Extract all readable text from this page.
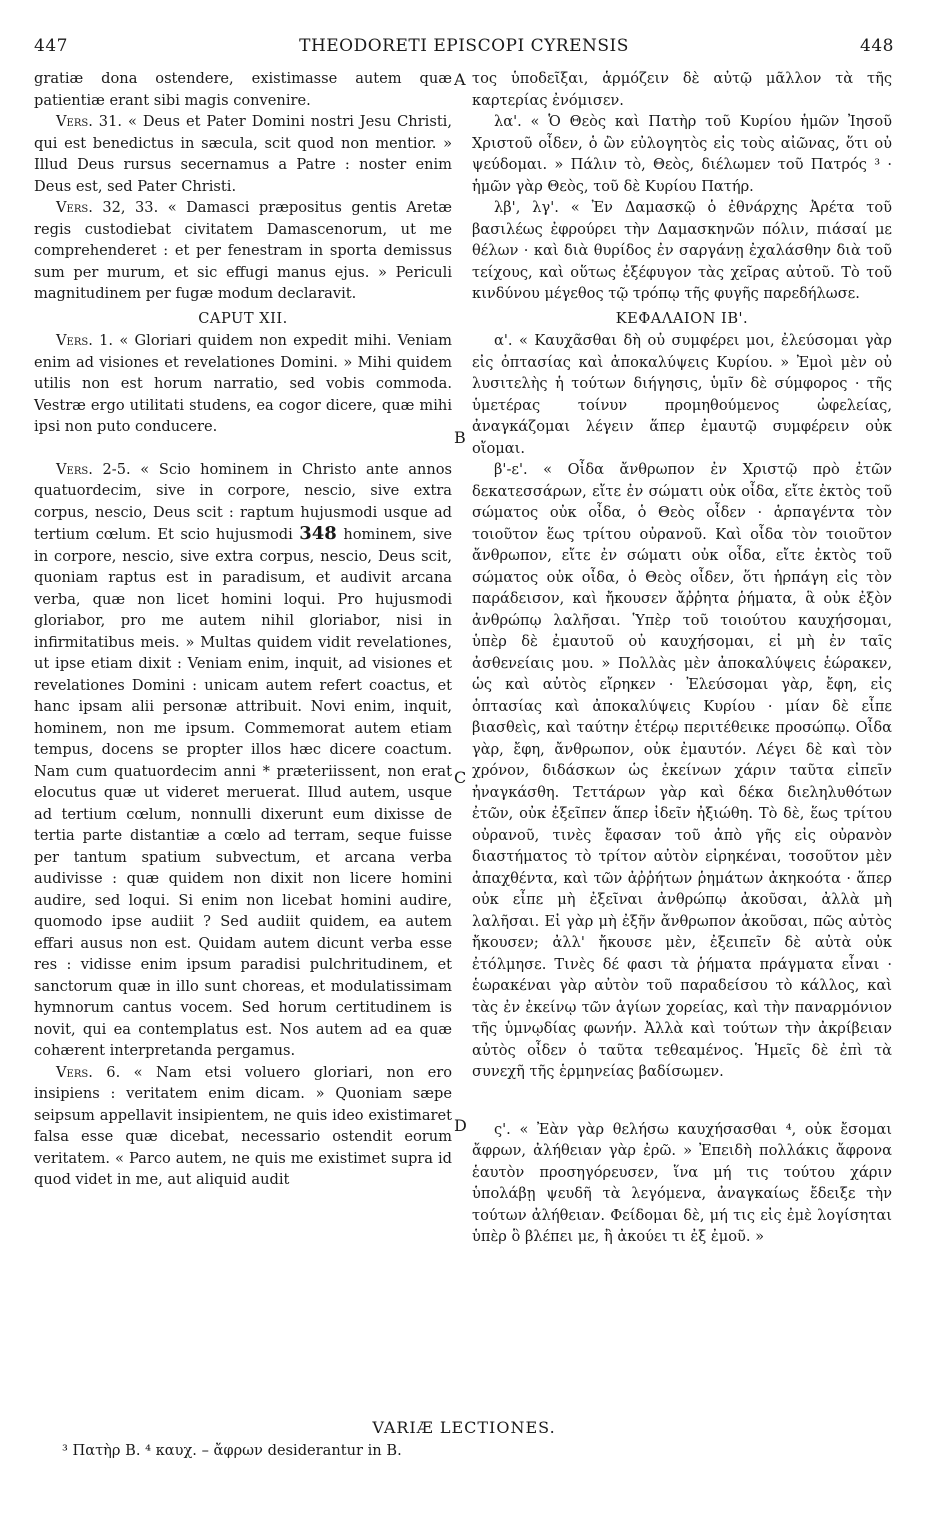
447	THEODORETI EPISCOPI CYRENSIS	448
A
B
C
D

gratiæ dona ostendere, existimasse autem quæ patientiæ erant sibi magis convenire.

Vers. 31. « Deus et Pater Domini nostri Jesu Christi, qui est benedictus in sæcula, scit quod non mentior. » Illud Deus rursus secernamus a Patre : noster enim Deus est, sed Pater Christi.

Vers. 32, 33. « Damasci præpositus gentis Aretæ regis custodiebat civitatem Damascenorum, ut me comprehenderet : et per fenestram in sporta demissus sum per murum, et sic effugi manus ejus. » Periculi magnitudinem per fugæ modum declaravit.

CAPUT XII.

Vers. 1. « Gloriari quidem non expedit mihi. Veniam enim ad visiones et revelationes Domini. » Mihi quidem utilis non est horum narratio, sed vobis commoda. Vestræ ergo utilitati studens, ea cogor dicere, quæ mihi ipsi non puto conducere.

Vers. 2-5. « Scio hominem in Christo ante annos quatuordecim, sive in corpore, nescio, sive extra corpus, nescio, Deus scit : raptum hujusmodi usque ad tertium cœlum. Et scio hujusmodi 348 hominem, sive in corpore, nescio, sive extra corpus, nescio, Deus scit, quoniam raptus est in paradisum, et audivit arcana verba, quæ non licet homini loqui. Pro hujusmodi gloriabor, pro me autem nihil gloriabor, nisi in infirmitatibus meis. » Multas quidem vidit revelationes, ut ipse etiam dixit : Veniam enim, inquit, ad visiones et revelationes Domini : unicam autem refert coactus, et hanc ipsam alii personæ attribuit. Novi enim, inquit, hominem, non me ipsum. Commemorat autem etiam tempus, docens se propter illos hæc dicere coactum. Nam cum quatuordecim anni * præteriissent, non erat elocutus quæ ut videret meruerat. Illud autem, usque ad tertium cœlum, nonnulli dixerunt eum dixisse de tertia parte distantiæ a cœlo ad terram, seque fuisse per tantum spatium subvectum, et arcana verba audivisse : quæ quidem non dixit non licere homini audire, sed loqui. Si enim non licebat homini audire, quomodo ipse audiit ? Sed audiit quidem, ea autem effari ausus non est. Quidam autem dicunt verba esse res : vidisse enim ipsum paradisi pulchritudinem, et sanctorum quæ in illo sunt choreas, et modulatissimam hymnorum cantus vocem. Sed horum certitudinem is novit, qui ea contemplatus est. Nos autem ad ea quæ cohærent interpretanda pergamus.

Vers. 6. « Nam etsi voluero gloriari, non ero insipiens : veritatem enim dicam. » Quoniam sæpe seipsum appellavit insipientem, ne quis ideo existimaret falsa esse quæ dicebat, necessario ostendit eorum veritatem. « Parco autem, ne quis me existimet supra id quod videt in me, aut aliquid audit

τος ὑποδεῖξαι, ἁρμόζειν δὲ αὐτῷ μᾶλλον τὰ τῆς καρτερίας ἐνόμισεν.

λα'. « Ὁ Θεὸς καὶ Πατὴρ τοῦ Κυρίου ἡμῶν Ἰησοῦ Χριστοῦ οἶδεν, ὁ ὢν εὐλογητὸς εἰς τοὺς αἰῶνας, ὅτι οὐ ψεύδομαι. » Πάλιν τὸ, Θεὸς, διέλωμεν τοῦ Πατρός ³ · ἡμῶν γὰρ Θεὸς, τοῦ δὲ Κυρίου Πατήρ.

λβ', λγ'. « Ἐν Δαμασκῷ ὁ ἐθνάρχης Ἀρέτα τοῦ βασιλέως ἐφρούρει τὴν Δαμασκηνῶν πόλιν, πιάσαί με θέλων · καὶ διὰ θυρίδος ἐν σαργάνῃ ἐχαλάσθην διὰ τοῦ τείχους, καὶ οὕτως ἐξέφυγον τὰς χεῖρας αὐτοῦ. Τὸ τοῦ κινδύνου μέγεθος τῷ τρόπῳ τῆς φυγῆς παρεδήλωσε.

ΚΕΦΑΛΑΙΟΝ ΙΒ'.

α'. « Καυχᾶσθαι δὴ οὐ συμφέρει μοι, ἐλεύσομαι γὰρ εἰς ὀπτασίας καὶ ἀποκαλύψεις Κυρίου. » Ἐμοὶ μὲν οὐ λυσιτελὴς ἡ τούτων διήγησις, ὑμῖν δὲ σύμφορος · τῆς ὑμετέρας τοίνυν προμηθούμενος ὠφελείας, ἀναγκάζομαι λέγειν ἅπερ ἐμαυτῷ συμφέρειν οὐκ οἴομαι.

β'-ε'. « Οἶδα ἄνθρωπον ἐν Χριστῷ πρὸ ἐτῶν δεκατεσσάρων, εἴτε ἐν σώματι οὐκ οἶδα, εἴτε ἐκτὸς τοῦ σώματος οὐκ οἶδα, ὁ Θεὸς οἶδεν · ἁρπαγέντα τὸν τοιοῦτον ἕως τρίτου οὐρανοῦ. Καὶ οἶδα τὸν τοιοῦτον ἄνθρωπον, εἴτε ἐν σώματι οὐκ οἶδα, εἴτε ἐκτὸς τοῦ σώματος οὐκ οἶδα, ὁ Θεὸς οἶδεν, ὅτι ἡρπάγη εἰς τὸν παράδεισον, καὶ ἤκουσεν ἄῤῥητα ῥήματα, ἃ οὐκ ἐξὸν ἀνθρώπῳ λαλῆσαι. Ὑπὲρ τοῦ τοιούτου καυχήσομαι, ὑπὲρ δὲ ἐμαυτοῦ οὐ καυχήσομαι, εἰ μὴ ἐν ταῖς ἀσθενείαις μου. » Πολλὰς μὲν ἀποκαλύψεις ἑώρακεν, ὡς καὶ αὐτὸς εἴρηκεν · Ἐλεύσομαι γὰρ, ἔφη, εἰς ὀπτασίας καὶ ἀποκαλύψεις Κυρίου · μίαν δὲ εἶπε βιασθεὶς, καὶ ταύτην ἑτέρῳ περιτέθεικε προσώπῳ. Οἶδα γὰρ, ἔφη, ἄνθρωπον, οὐκ ἐμαυτόν. Λέγει δὲ καὶ τὸν χρόνον, διδάσκων ὡς ἐκείνων χάριν ταῦτα εἰπεῖν ἠναγκάσθη. Τεττάρων γὰρ καὶ δέκα διεληλυθότων ἐτῶν, οὐκ ἐξεῖπεν ἅπερ ἰδεῖν ἠξιώθη. Τὸ δὲ, ἕως τρίτου οὐρανοῦ, τινὲς ἔφασαν τοῦ ἀπὸ γῆς εἰς οὐρανὸν διαστήματος τὸ τρίτον αὐτὸν εἰρηκέναι, τοσοῦτον μὲν ἀπαχθέντα, καὶ τῶν ἀῤῥήτων ῥημάτων ἀκηκοότα · ἅπερ οὐκ εἶπε μὴ ἐξεῖναι ἀνθρώπῳ ἀκοῦσαι, ἀλλὰ μὴ λαλῆσαι. Εἰ γὰρ μὴ ἐξῆν ἄνθρωπον ἀκοῦσαι, πῶς αὐτὸς ἤκουσεν; ἀλλ' ἤκουσε μὲν, ἐξειπεῖν δὲ αὐτὰ οὐκ ἐτόλμησε. Τινὲς δέ φασι τὰ ῥήματα πράγματα εἶναι · ἑωρακέναι γὰρ αὐτὸν τοῦ παραδείσου τὸ κάλλος, καὶ τὰς ἐν ἐκείνῳ τῶν ἁγίων χορείας, καὶ τὴν παναρμόνιον τῆς ὑμνῳδίας φωνήν. Ἀλλὰ καὶ τούτων τὴν ἀκρίβειαν αὐτὸς οἶδεν ὁ ταῦτα τεθεαμένος. Ἡμεῖς δὲ ἐπὶ τὰ συνεχῆ τῆς ἑρμηνείας βαδίσωμεν.

ς'. « Ἐὰν γὰρ θελήσω καυχήσασθαι ⁴, οὐκ ἔσομαι ἄφρων, ἀλήθειαν γὰρ ἐρῶ. » Ἐπειδὴ πολλάκις ἄφρονα ἑαυτὸν προσηγόρευσεν, ἵνα μή τις τούτου χάριν ὑπολάβῃ ψευδῆ τὰ λεγόμενα, ἀναγκαίως ἔδειξε τὴν τούτων ἀλήθειαν. Φείδομαι δὲ, μή τις εἰς ἐμὲ λογίσηται ὑπὲρ ὃ βλέπει με, ἢ ἀκούει τι ἐξ ἐμοῦ. »

VARIÆ LECTIONES.
³ Πατὴρ B. ⁴ καυχ. – ἄφρων desiderantur in B.
